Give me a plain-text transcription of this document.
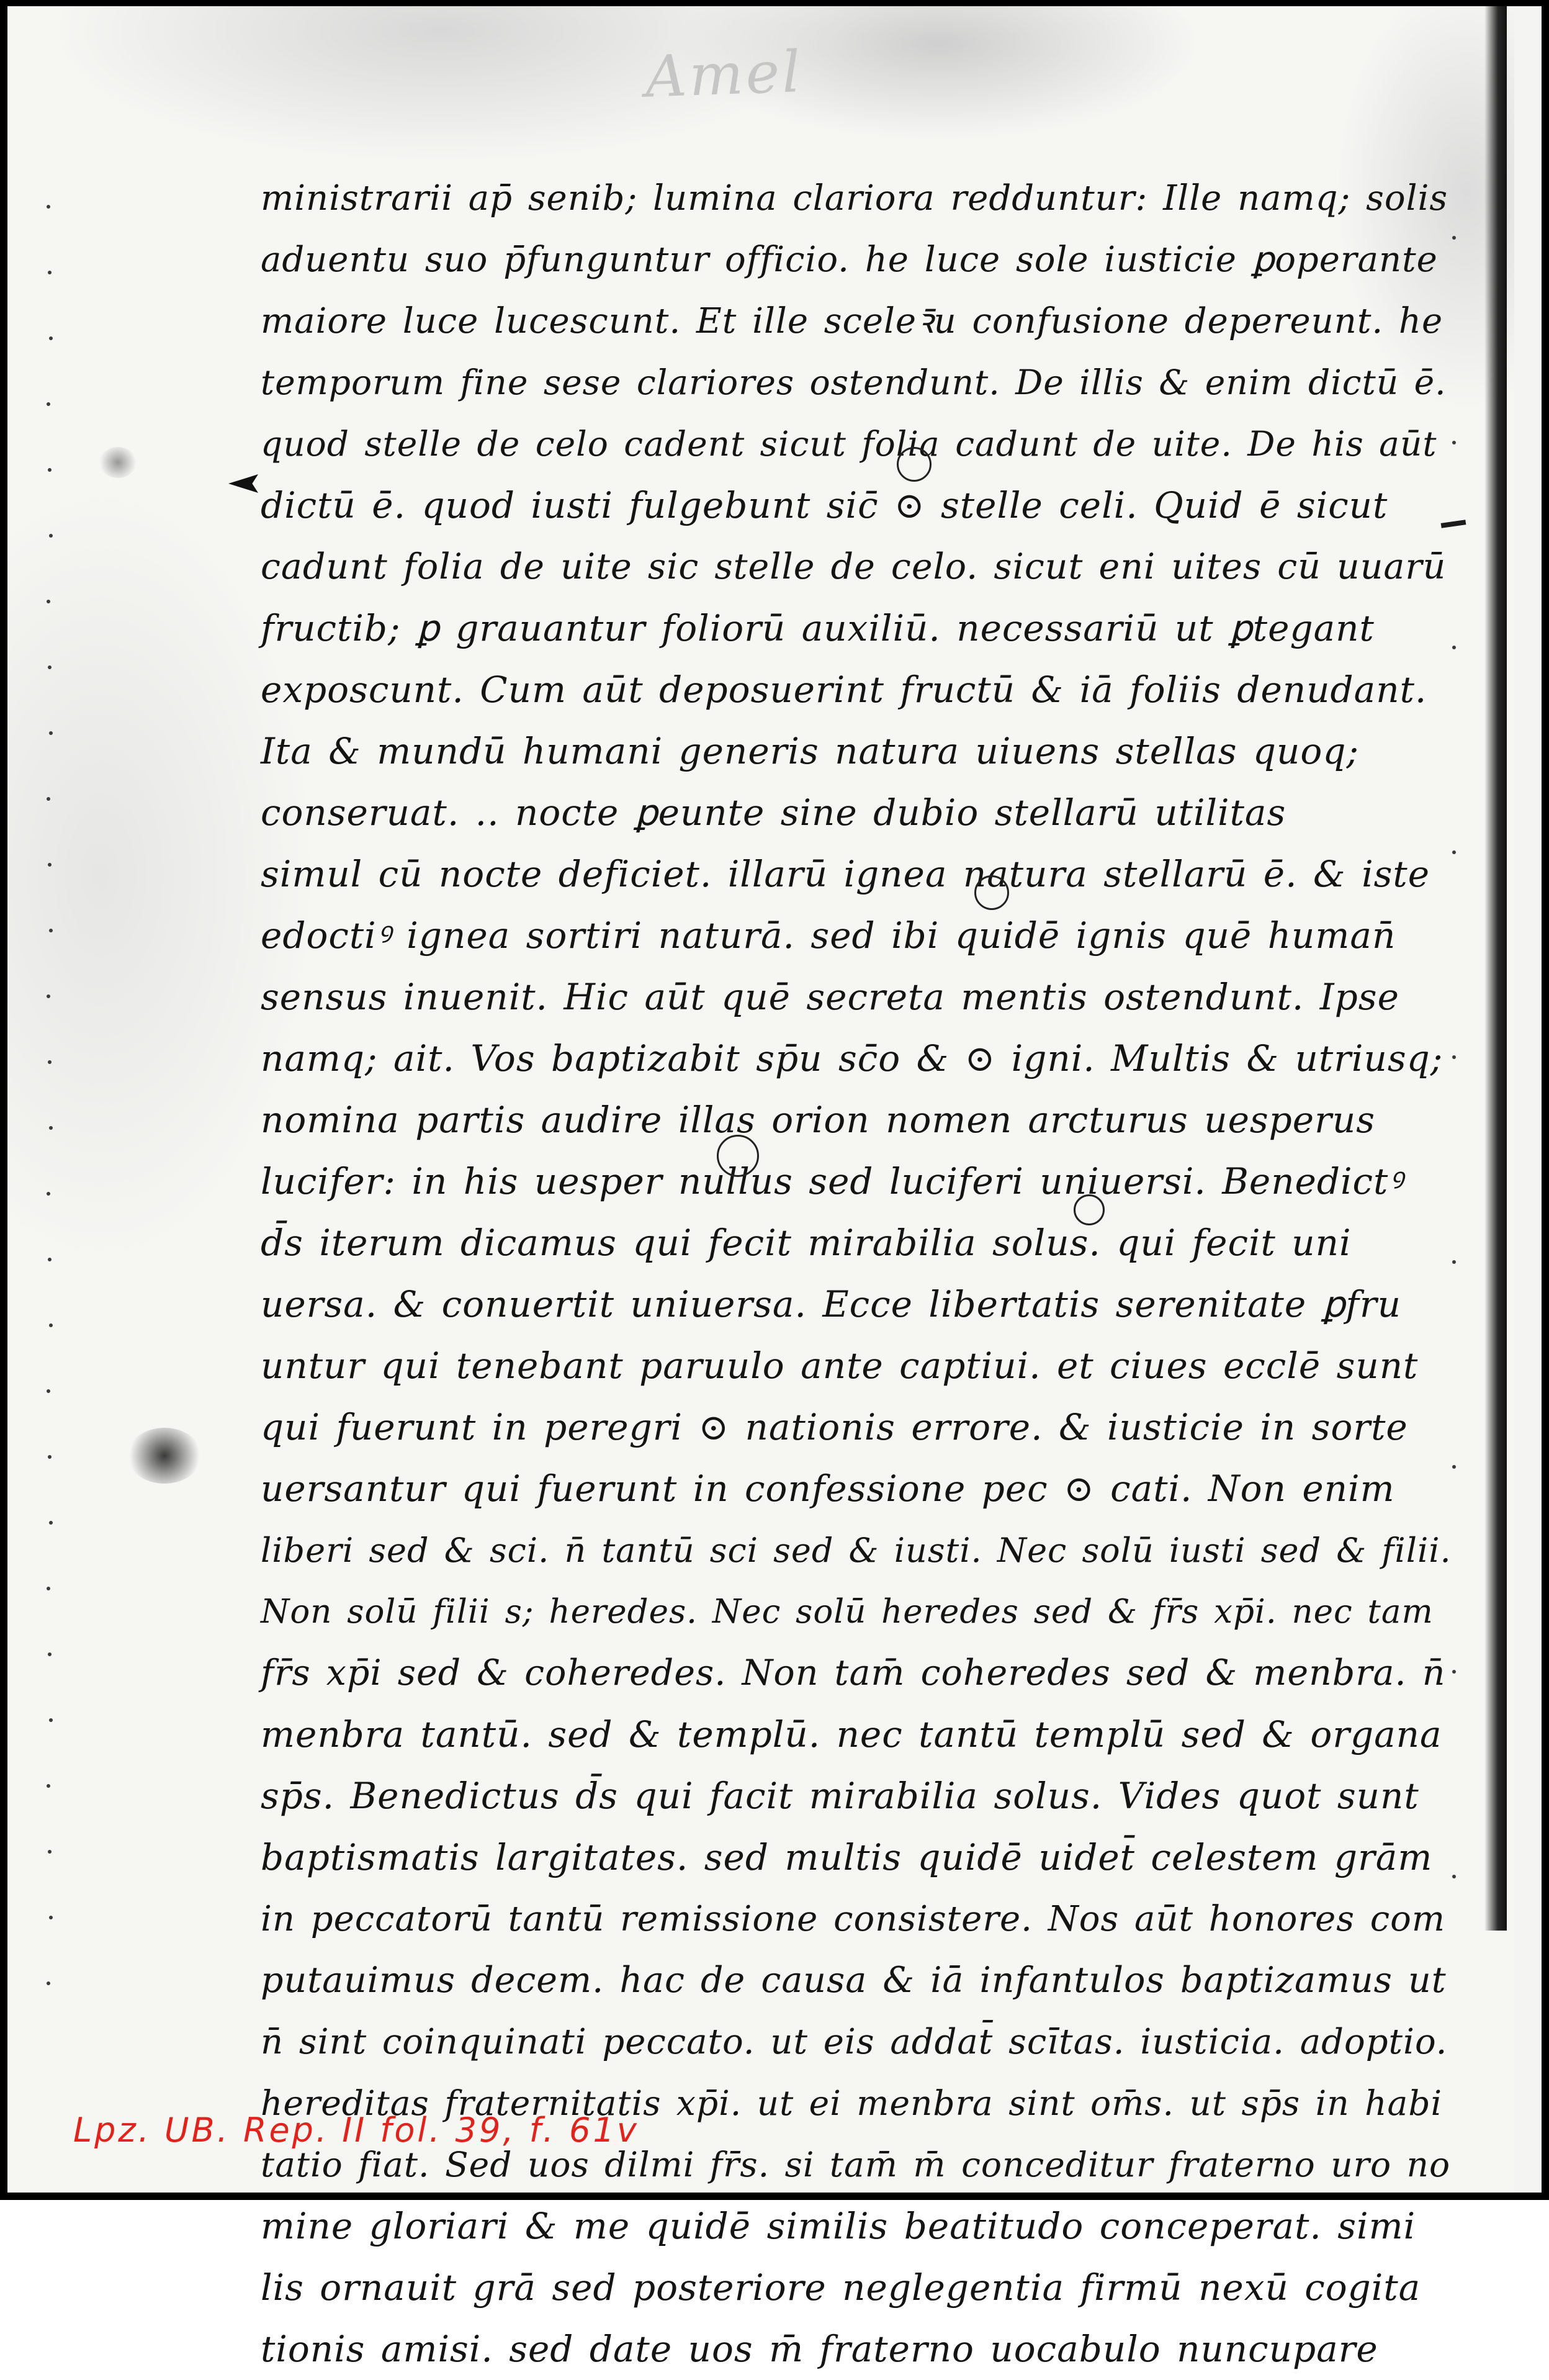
Amel
ministrarii ap̄ senib; lumina clariora redduntur: Ille namq; solis
aduentu suo p̄funguntur officio. he luce sole iusticie ꝑoperante
maiore luce lucescunt. Et ille sceleꝛ̄u confusione depereunt. he
temporum fine sese clariores ostendunt. De illis & enim dictū ē.
quod stelle de celo cadent sicut folia cadunt de uite. De his aūt
dictū ē. quod iusti fulgebunt sic̄ ⊙ stelle celi. Quid ē sicut
cadunt folia de uite sic stelle de celo. sicut eni uites cū uuarū
fructib; ꝑ grauantur foliorū auxiliū. necessariū ut ꝑtegant
exposcunt. Cum aūt deposuerint fructū & iā foliis denudant.
Ita & mundū humani generis natura uiuens stellas quoq;
conseruat. .. nocte ꝑeunte sine dubio stellarū utilitas
simul cū nocte deficiet. illarū ignea natura stellarū ē. & iste
edoctiꝰ ignea sortiri naturā. sed ibi quidē ignis quē human̄
sensus inuenit. Hic aūt quē secreta mentis ostendunt. Ipse
namq; ait. Vos baptizabit sp̄u sc̄o & ⊙ igni. Multis & utriusq;
nomina partis audire illas orion nomen arcturus uesperus
lucifer: in his uesper nullus sed luciferi uniuersi. Benedictꝰ
d̄s iterum dicamus qui fecit mirabilia solus. qui fecit uni
uersa. & conuertit uniuersa. Ecce libertatis serenitate ꝑfru
untur qui tenebant paruulo ante captiui. et ciues ecclē sunt
qui fuerunt in peregri ⊙ nationis errore. & iusticie in sorte
uersantur qui fuerunt in confessione pec ⊙ cati. Non enim
liberi sed & sci. n̄ tantū sci sed & iusti. Nec solū iusti sed & filii.
Non solū filii s; heredes. Nec solū heredes sed & fr̄s xp̄i. nec tam
fr̄s xp̄i sed & coheredes. Non tam̄ coheredes sed & menbra. n̄
menbra tantū. sed & templū. nec tantū templū sed & organa
sp̄s. Benedictus d̄s qui facit mirabilia solus. Vides quot sunt
baptismatis largitates. sed multis quidē uidet̄ celestem grām
in peccatorū tantū remissione consistere. Nos aūt honores com
putauimus decem. hac de causa & iā infantulos baptizamus ut
n̄ sint coinquinati peccato. ut eis addat̄ scītas. iusticia. adoptio.
hereditas fraternitatis xp̄i. ut ei menbra sint om̄s. ut sp̄s in habi
tatio fiat. Sed uos dilmi fr̄s. si tam̄ m̄ conceditur fraterno uro no
mine gloriari & me quidē similis beatitudo conceperat. simi
lis ornauit grā sed posteriore neglegentia firmū nexū cogita
tionis amisi. sed date uos m̄ fraterno uocabulo nuncupare
Lpz. UB. Rep. II fol. 39, f. 61v
